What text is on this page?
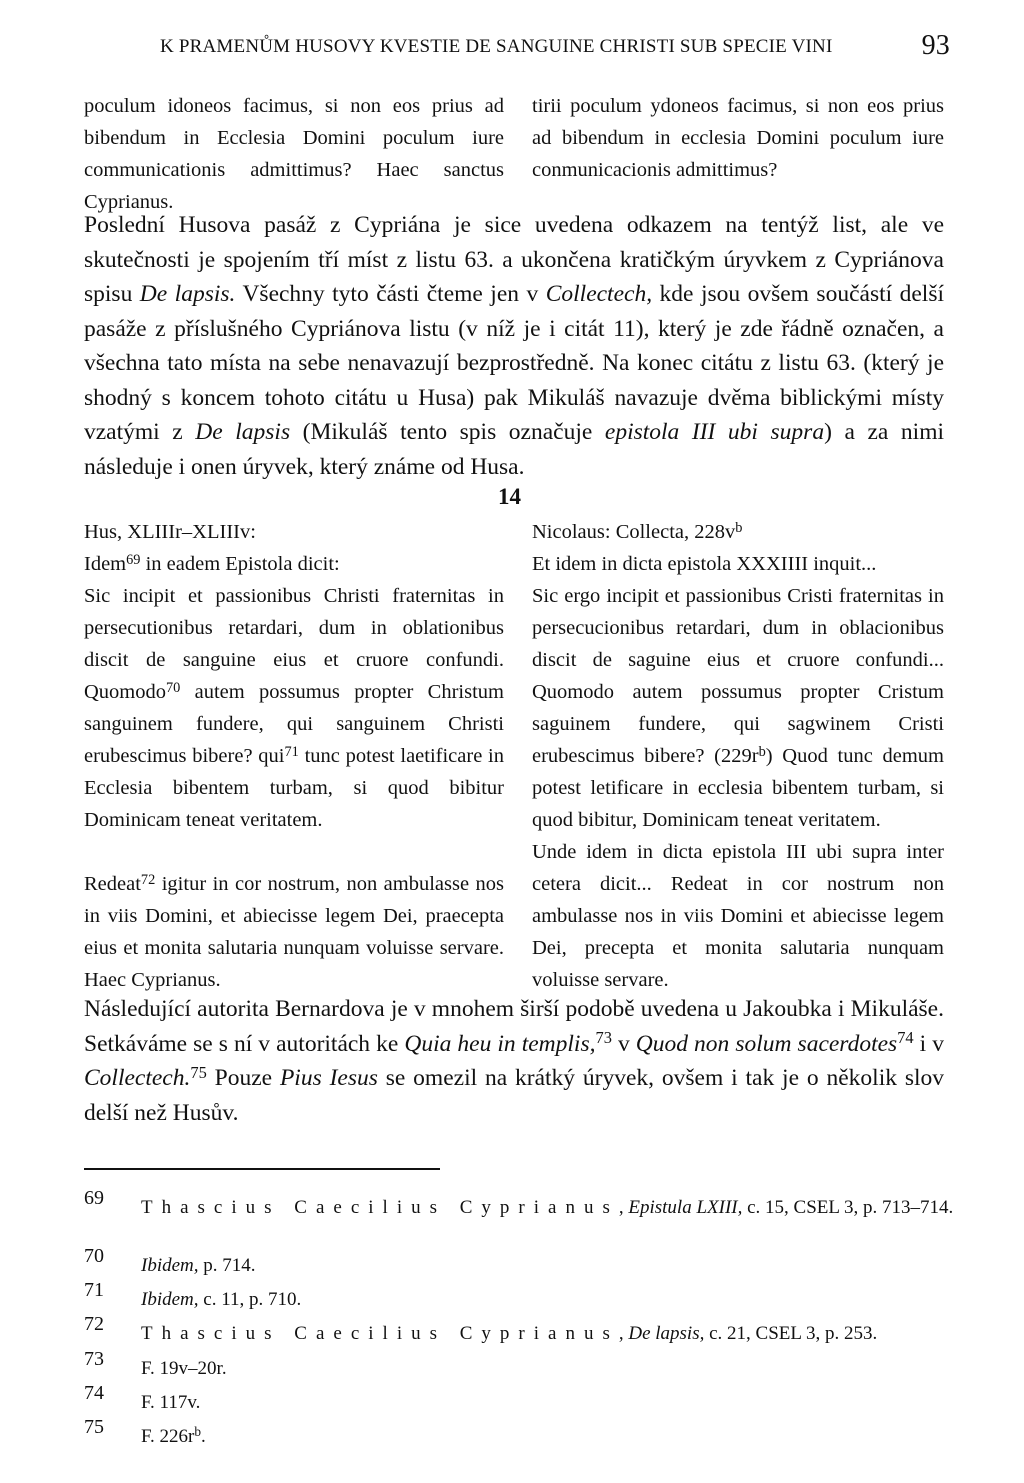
K PRAMENŮM HUSOVY KVESTIE DE SANGUINE CHRISTI SUB SPECIE VINI	93

poculum idoneos facimus, si non eos prius ad bibendum in Ecclesia Domini poculum iure communicationis admittimus? Haec sanctus Cyprianus.

tirii poculum ydoneos facimus, si non eos prius ad bibendum in ecclesia Domini poculum iure conmunicacionis admittimus?

Poslední Husova pasáž z Cypriána je sice uvedena odkazem na tentýž list, ale ve skutečnosti je spojením tří míst z listu 63. a ukončena kratičkým úryvkem z Cypriánova spisu De lapsis. Všechny tyto části čteme jen v Collectech, kde jsou ovšem součástí delší pasáže z příslušného Cypriánova listu (v níž je i citát 11), který je zde řádně označen, a všechna tato místa na sebe nenavazují bezprostředně. Na konec citátu z listu 63. (který je shodný s koncem tohoto citátu u Husa) pak Mikuláš navazuje dvěma biblickými místy vzatými z De lapsis (Mikuláš tento spis označuje epistola III ubi supra) a za nimi následuje i onen úryvek, který známe od Husa.

14

Hus, XLIIIr–XLIIIv:

Idem$^{69}$ in eadem Epistola dicit:

Sic incipit et passionibus Christi fraternitas in persecutionibus retardari, dum in oblationibus discit de sanguine eius et cruore confundi. Quomodo$^{70}$ autem possumus propter Christum sanguinem fundere, qui sanguinem Christi erubescimus bibere? qui$^{71}$ tunc potest laetificare in Ecclesia bibentem turbam, si quod bibitur Dominicam teneat veritatem.

Redeat$^{72}$ igitur in cor nostrum, non ambulasse nos in viis Domini, et abiecisse legem Dei, praecepta eius et monita salutaria nunquam voluisse servare. Haec Cyprianus.

Nicolaus: Collecta, $228v^b$

Et idem in dicta epistola XXXIIII inquit...

Sic ergo incipit et passionibus Cristi fraternitas in persecucionibus retardari, dum in oblacionibus discit de saguine eius et cruore confundi... Quomodo autem possumus propter Cristum saguinem fundere, qui sagwinem Cristi erubescimus bibere? $(229r^b)$ Quod tunc demum potest letificare in ecclesia bibentem turbam, si quod bibitur, Dominicam teneat veritatem.

Unde idem in dicta epistola III ubi supra inter cetera dicit... Redeat in cor nostrum non ambulasse nos in viis Domini et abiecisse legem Dei, precepta et monita salutaria nunquam voluisse servare.

Následující autorita Bernardova je v mnohem širší podobě uvedena u Jakoubka i Mikuláše. Setkáváme se s ní v autoritách ke Quia heu in templis,$^{73}$ v Quod non solum sacerdotes$^{74}$ i v Collectech.$^{75}$ Pouze Pius Iesus se omezil na krátký úryvek, ovšem i tak je o několik slov delší než Husův.

69 Thascius Caecilius Cyprianus, Epistula LXIII, c. 15, CSEL 3, p. 713–714.
70 Ibidem, p. 714.
71 Ibidem, c. 11, p. 710.
72 Thascius Caecilius Cyprianus, De lapsis, c. 21, CSEL 3, p. 253.
73 F. 19v–20r.
74 F. 117v.
75 F. $226r^b$.
